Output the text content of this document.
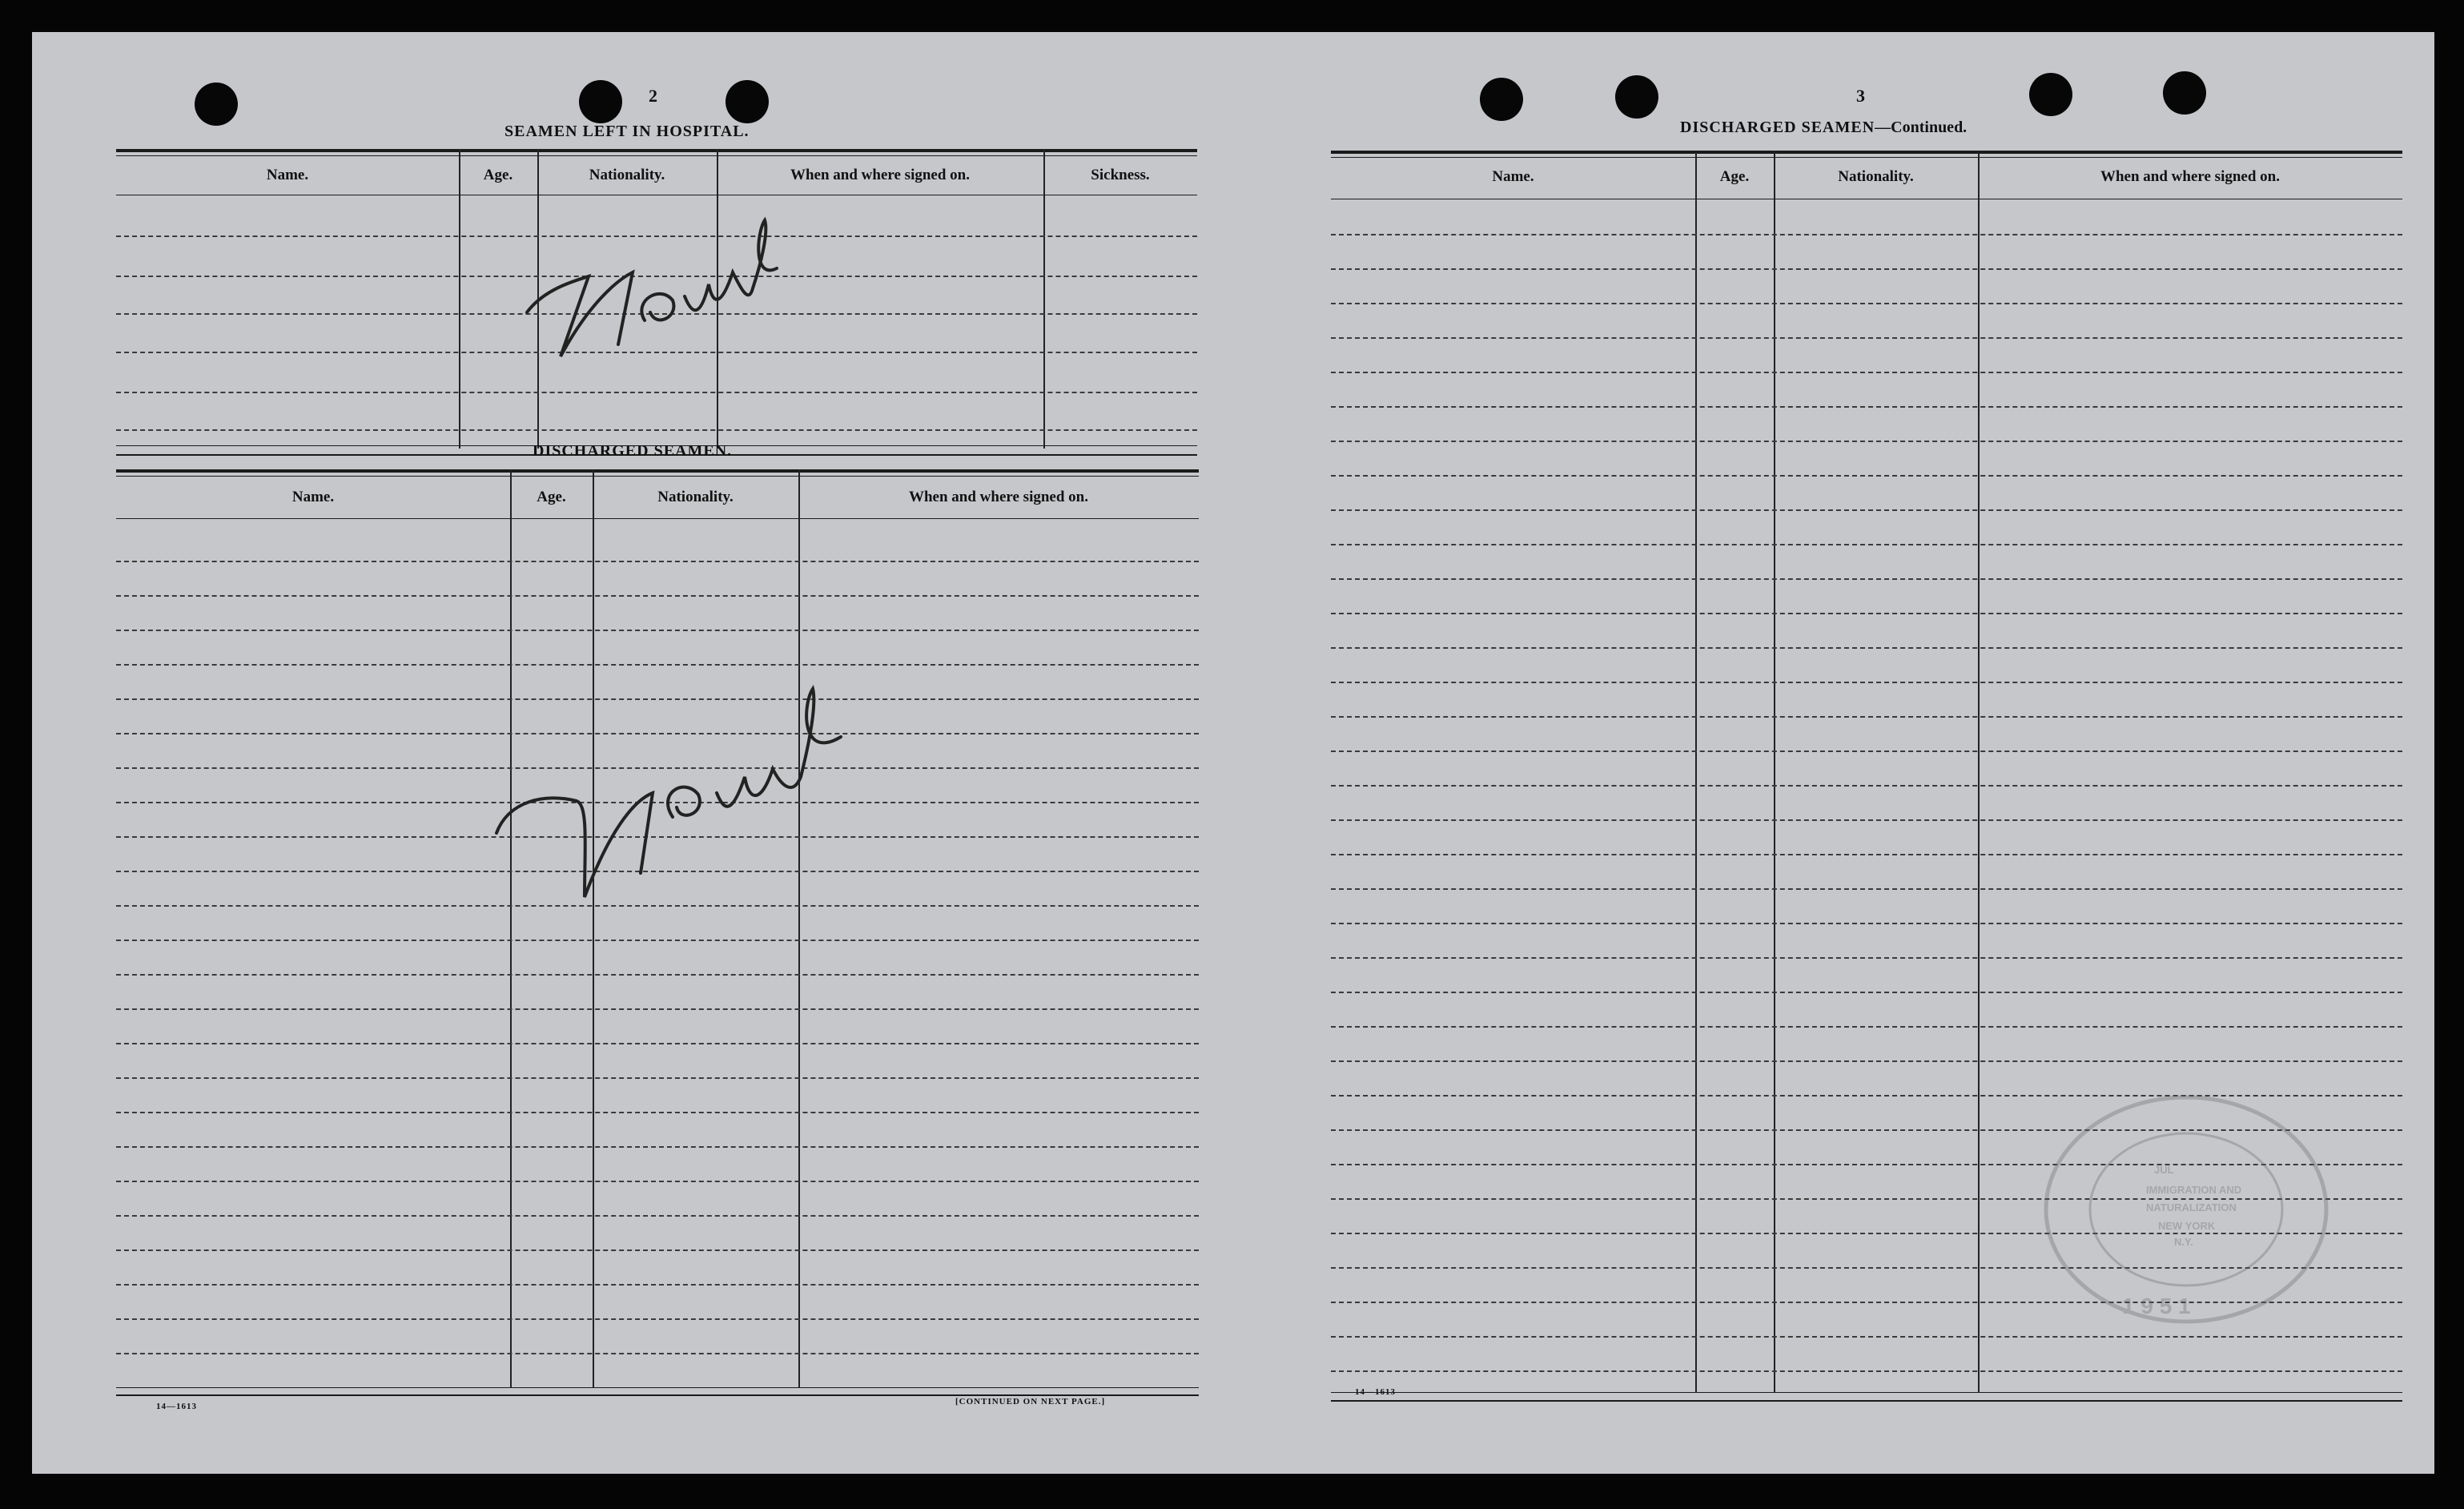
2
SEAMEN LEFT IN HOSPITAL.
Name.	Age.	Nationality.	When and where signed on.	Sickness.
DISCHARGED SEAMEN.
Name.	Age.	Nationality.	When and where signed on.
14—1613	[CONTINUED ON NEXT PAGE.]
3
DISCHARGED SEAMEN—Continued.
Name.	Age.	Nationality.	When and where signed on.
JUL
IMMIGRATION AND
NATURALIZATION
NEW YORK
N.Y.
1 9 5 1
14—1613
